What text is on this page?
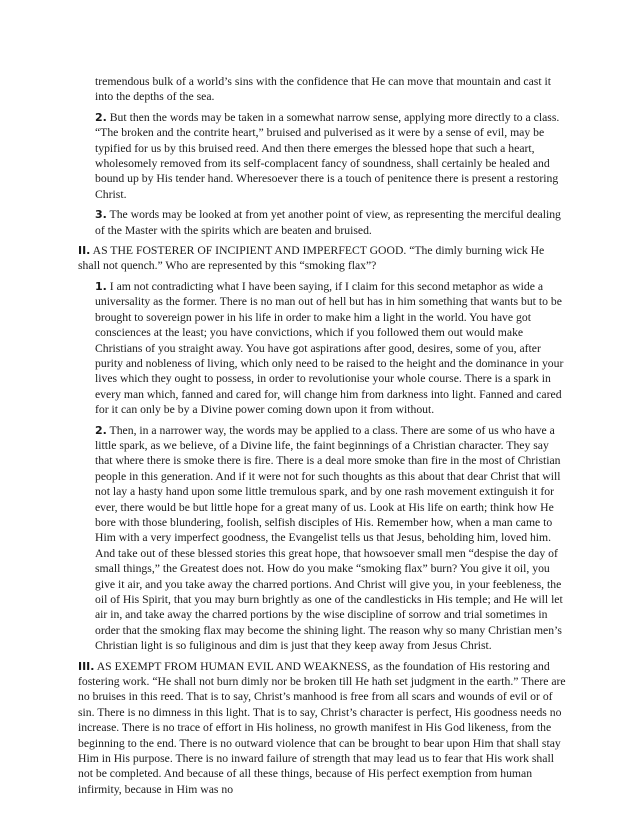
tremendous bulk of a world’s sins with the confidence that He can move that mountain and cast it into the depths of the sea.

2. But then the words may be taken in a somewhat narrow sense, applying more directly to a class. “The broken and the contrite heart,” bruised and pulverised as it were by a sense of evil, may be typified for us by this bruised reed. And then there emerges the blessed hope that such a heart, wholesomely removed from its self-complacent fancy of soundness, shall certainly be healed and bound up by His tender hand. Wheresoever there is a touch of penitence there is present a restoring Christ.

3. The words may be looked at from yet another point of view, as representing the merciful dealing of the Master with the spirits which are beaten and bruised.

II. AS THE FOSTERER OF INCIPIENT AND IMPERFECT GOOD. “The dimly burning wick He shall not quench.” Who are represented by this “smoking flax”?

1. I am not contradicting what I have been saying, if I claim for this second metaphor as wide a universality as the former. There is no man out of hell but has in him something that wants but to be brought to sovereign power in his life in order to make him a light in the world. You have got consciences at the least; you have convictions, which if you followed them out would make Christians of you straight away. You have got aspirations after good, desires, some of you, after purity and nobleness of living, which only need to be raised to the height and the dominance in your lives which they ought to possess, in order to revolutionise your whole course. There is a spark in every man which, fanned and cared for, will change him from darkness into light. Fanned and cared for it can only be by a Divine power coming down upon it from without.

2. Then, in a narrower way, the words may be applied to a class. There are some of us who have a little spark, as we believe, of a Divine life, the faint beginnings of a Christian character. They say that where there is smoke there is fire. There is a deal more smoke than fire in the most of Christian people in this generation. And if it were not for such thoughts as this about that dear Christ that will not lay a hasty hand upon some little tremulous spark, and by one rash movement extinguish it for ever, there would be but little hope for a great many of us. Look at His life on earth; think how He bore with those blundering, foolish, selfish disciples of His. Remember how, when a man came to Him with a very imperfect goodness, the Evangelist tells us that Jesus, beholding him, loved him. And take out of these blessed stories this great hope, that howsoever small men “despise the day of small things,” the Greatest does not. How do you make “smoking flax” burn? You give it oil, you give it air, and you take away the charred portions. And Christ will give you, in your feebleness, the oil of His Spirit, that you may burn brightly as one of the candlesticks in His temple; and He will let air in, and take away the charred portions by the wise discipline of sorrow and trial sometimes in order that the smoking flax may become the shining light. The reason why so many Christian men’s Christian light is so fuliginous and dim is just that they keep away from Jesus Christ.

III. AS EXEMPT FROM HUMAN EVIL AND WEAKNESS, as the foundation of His restoring and fostering work. “He shall not burn dimly nor be broken till He hath set judgment in the earth.” There are no bruises in this reed. That is to say, Christ’s manhood is free from all scars and wounds of evil or of sin. There is no dimness in this light. That is to say, Christ’s character is perfect, His goodness needs no increase. There is no trace of effort in His holiness, no growth manifest in His God likeness, from the beginning to the end. There is no outward violence that can be brought to bear upon Him that shall stay Him in His purpose. There is no inward failure of strength that may lead us to fear that His work shall not be completed. And because of all these things, because of His perfect exemption from human infirmity, because in Him was no
